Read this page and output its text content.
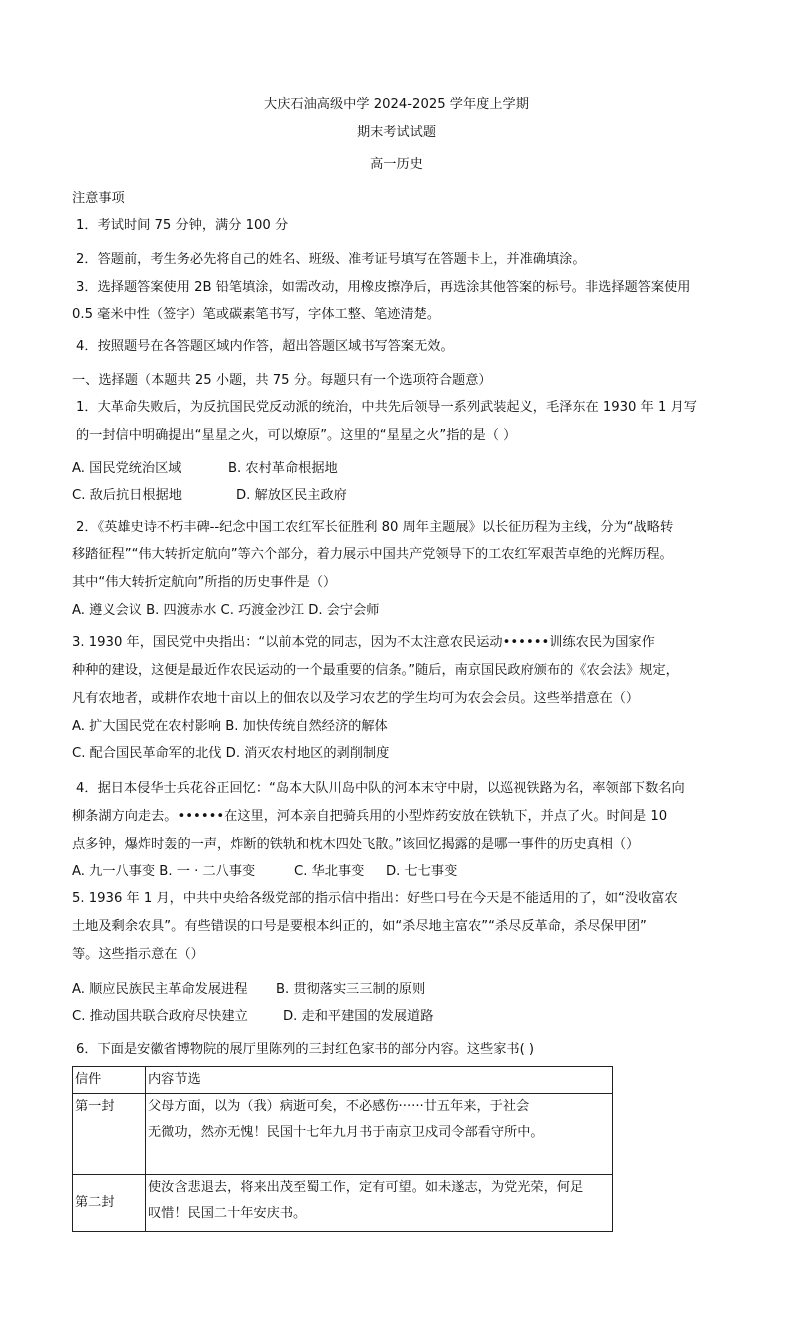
大庆石油高级中学 2024-2025 学年度上学期
期末考试试题
高一历史
注意事项
1．考试时间 75 分钟，满分 100 分
2．答题前，考生务必先将自己的姓名、班级、准考证号填写在答题卡上，并准确填涂。
3．选择题答案使用 2B 铅笔填涂，如需改动，用橡皮擦净后，再选涂其他答案的标号。非选择题答案使用
0.5 毫米中性（签字）笔或碳素笔书写，字体工整、笔迹清楚。
4．按照题号在各答题区域内作答，超出答题区域书写答案无效。
一、选择题（本题共 25 小题，共 75 分。每题只有一个选项符合题意）
1．大革命失败后，为反抗国民党反动派的统治，中共先后领导一系列武装起义，毛泽东在 1930 年 1 月写
的一封信中明确提出“星星之火，可以燎原”。这里的“星星之火”指的是（ ）
A. 国民党统治区域	B. 农村革命根据地
C. 敌后抗日根据地	D. 解放区民主政府
2．《英雄史诗不朽丰碑--纪念中国工农红军长征胜利 80 周年主题展》以长征历程为主线，分为“战略转
移踏征程”“伟大转折定航向”等六个部分，着力展示中国共产党领导下的工农红军艰苦卓绝的光辉历程。
其中“伟大转折定航向”所指的历史事件是（）
A. 遵义会议 B. 四渡赤水 C. 巧渡金沙江 D. 会宁会师
3. 1930 年，国民党中央指出：“以前本党的同志，因为不太注意农民运动••••••训练农民为国家作
种种的建设，这便是最近作农民运动的一个最重要的信条。”随后，南京国民政府颁布的《农会法》规定，
凡有农地者，或耕作农地十亩以上的佃农以及学习农艺的学生均可为农会会员。这些举措意在（）
A. 扩大国民党在农村影响 B. 加快传统自然经济的解体
C. 配合国民革命军的北伐 D. 消灭农村地区的剥削制度
4．据日本侵华士兵花谷正回忆：“岛本大队川岛中队的河本末守中尉，以巡视铁路为名，率领部下数名向
柳条湖方向走去。••••••在这里，河本亲自把骑兵用的小型炸药安放在铁轨下，并点了火。时间是 10
点多钟，爆炸时轰的一声，炸断的铁轨和枕木四处飞散。”该回忆揭露的是哪一事件的历史真相（）
A. 九一八事变 B. 一 · 二八事变	C. 华北事变 D. 七七事变
5. 1936 年 1 月，中共中央给各级党部的指示信中指出：好些口号在今天是不能适用的了，如“没收富农
土地及剩余农具”。有些错误的口号是要根本纠正的，如“杀尽地主富农”“杀尽反革命，杀尽保甲团”
等。这些指示意在（）
A. 顺应民族民主革命发展进程 B. 贯彻落实三三制的原则
C. 推动国共联合政府尽快建立	D. 走和平建国的发展道路
6．下面是安徽省博物院的展厅里陈列的三封红色家书的部分内容。这些家书( )
信件	内容节选
第一封	父母方面，以为（我）病逝可矣，不必感伤······廿五年来，于社会
无微功，然亦无愧！民国十七年九月书于南京卫戍司令部看守所中。

第二封	使汝含悲退去，将来出茂至蜀工作，定有可望。如未遂志，为党光荣，何足
叹惜！民国二十年安庆书。
